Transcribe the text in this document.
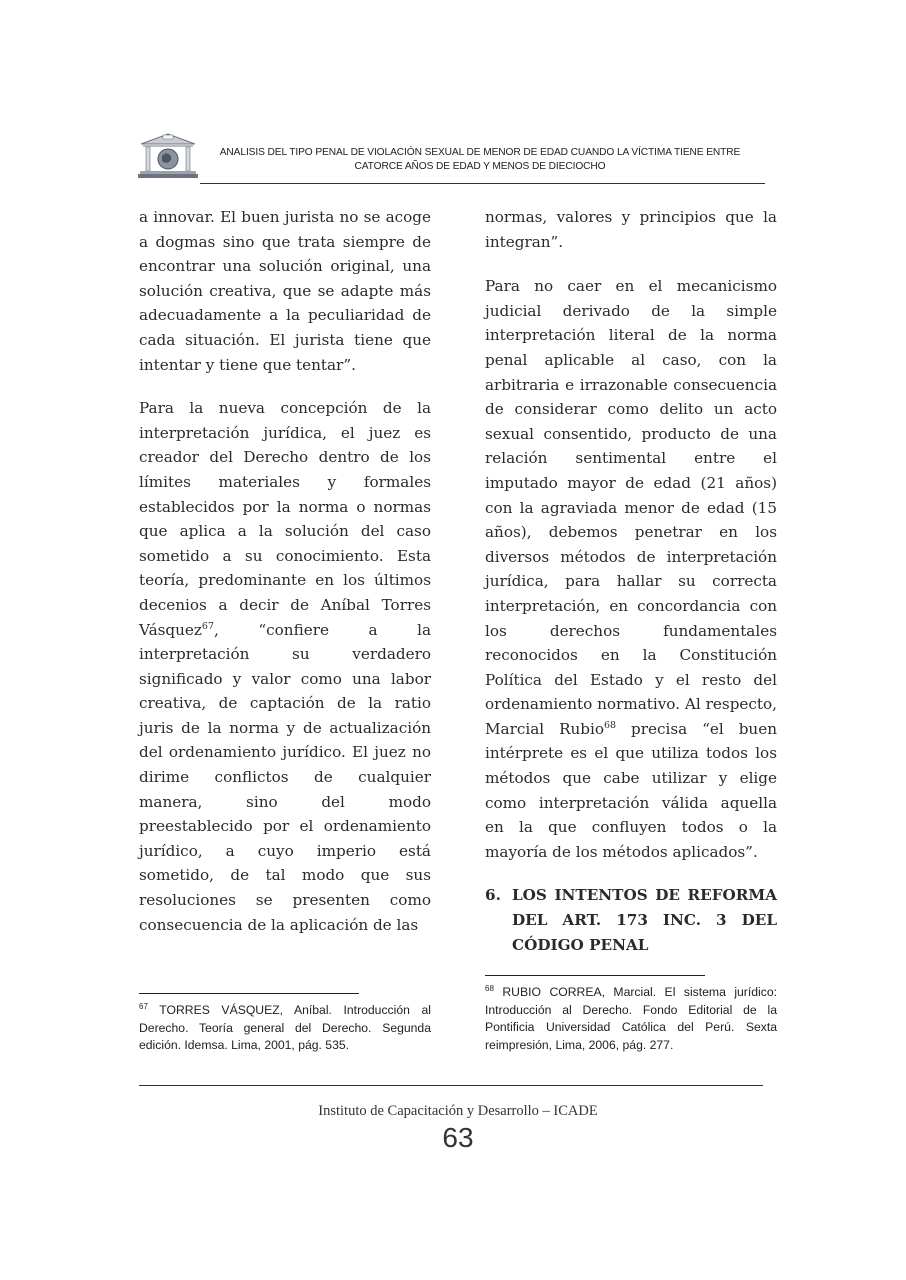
ANALISIS DEL TIPO PENAL DE VIOLACIÓN SEXUAL DE MENOR DE EDAD CUANDO LA VÍCTIMA TIENE ENTRE
CATORCE AÑOS DE EDAD Y MENOS DE DIECIOCHO

a innovar. El buen jurista no se acoge a dogmas sino que trata siempre de encontrar una solución original, una solución creativa, que se adapte más adecuadamente a la peculiaridad de cada situación. El jurista tiene que intentar y tiene que tentar”.

Para la nueva concepción de la interpretación jurídica, el juez es creador del Derecho dentro de los límites materiales y formales establecidos por la norma o normas que aplica a la solución del caso sometido a su conocimiento. Esta teoría, predominante en los últimos decenios a decir de Aníbal Torres Vásquez$^{67}$, “confiere a la interpretación su verdadero significado y valor como una labor creativa, de captación de la ratio juris de la norma y de actualización del ordenamiento jurídico. El juez no dirime conflictos de cualquier manera, sino del modo preestablecido por el ordenamiento jurídico, a cuyo imperio está sometido, de tal modo que sus resoluciones se presenten como consecuencia de la aplicación de las

normas, valores y principios que la integran”.

Para no caer en el mecanicismo judicial derivado de la simple interpretación literal de la norma penal aplicable al caso, con la arbitraria e irrazonable consecuencia de considerar como delito un acto sexual consentido, producto de una relación sentimental entre el imputado mayor de edad (21 años) con la agraviada menor de edad (15 años), debemos penetrar en los diversos métodos de interpretación jurídica, para hallar su correcta interpretación, en concordancia con los derechos fundamentales reconocidos en la Constitución Política del Estado y el resto del ordenamiento normativo. Al respecto, Marcial Rubio$^{68}$ precisa “el buen intérprete es el que utiliza todos los métodos que cabe utilizar y elige como interpretación válida aquella en la que confluyen todos o la mayoría de los métodos aplicados”.

6. LOS INTENTOS DE REFORMA DEL ART. 173 INC. 3 DEL CÓDIGO PENAL
$^{67}$ TORRES VÁSQUEZ, Aníbal. Introducción al Derecho. Teoría general del Derecho. Segunda edición. Idemsa. Lima, 2001, pág. 535.
$^{68}$ RUBIO CORREA, Marcial. El sistema jurídico: Introducción al Derecho. Fondo Editorial de la Pontificia Universidad Católica del Perú. Sexta reimpresión, Lima, 2006, pág. 277.
Instituto de Capacitación y Desarrollo – ICADE
63
